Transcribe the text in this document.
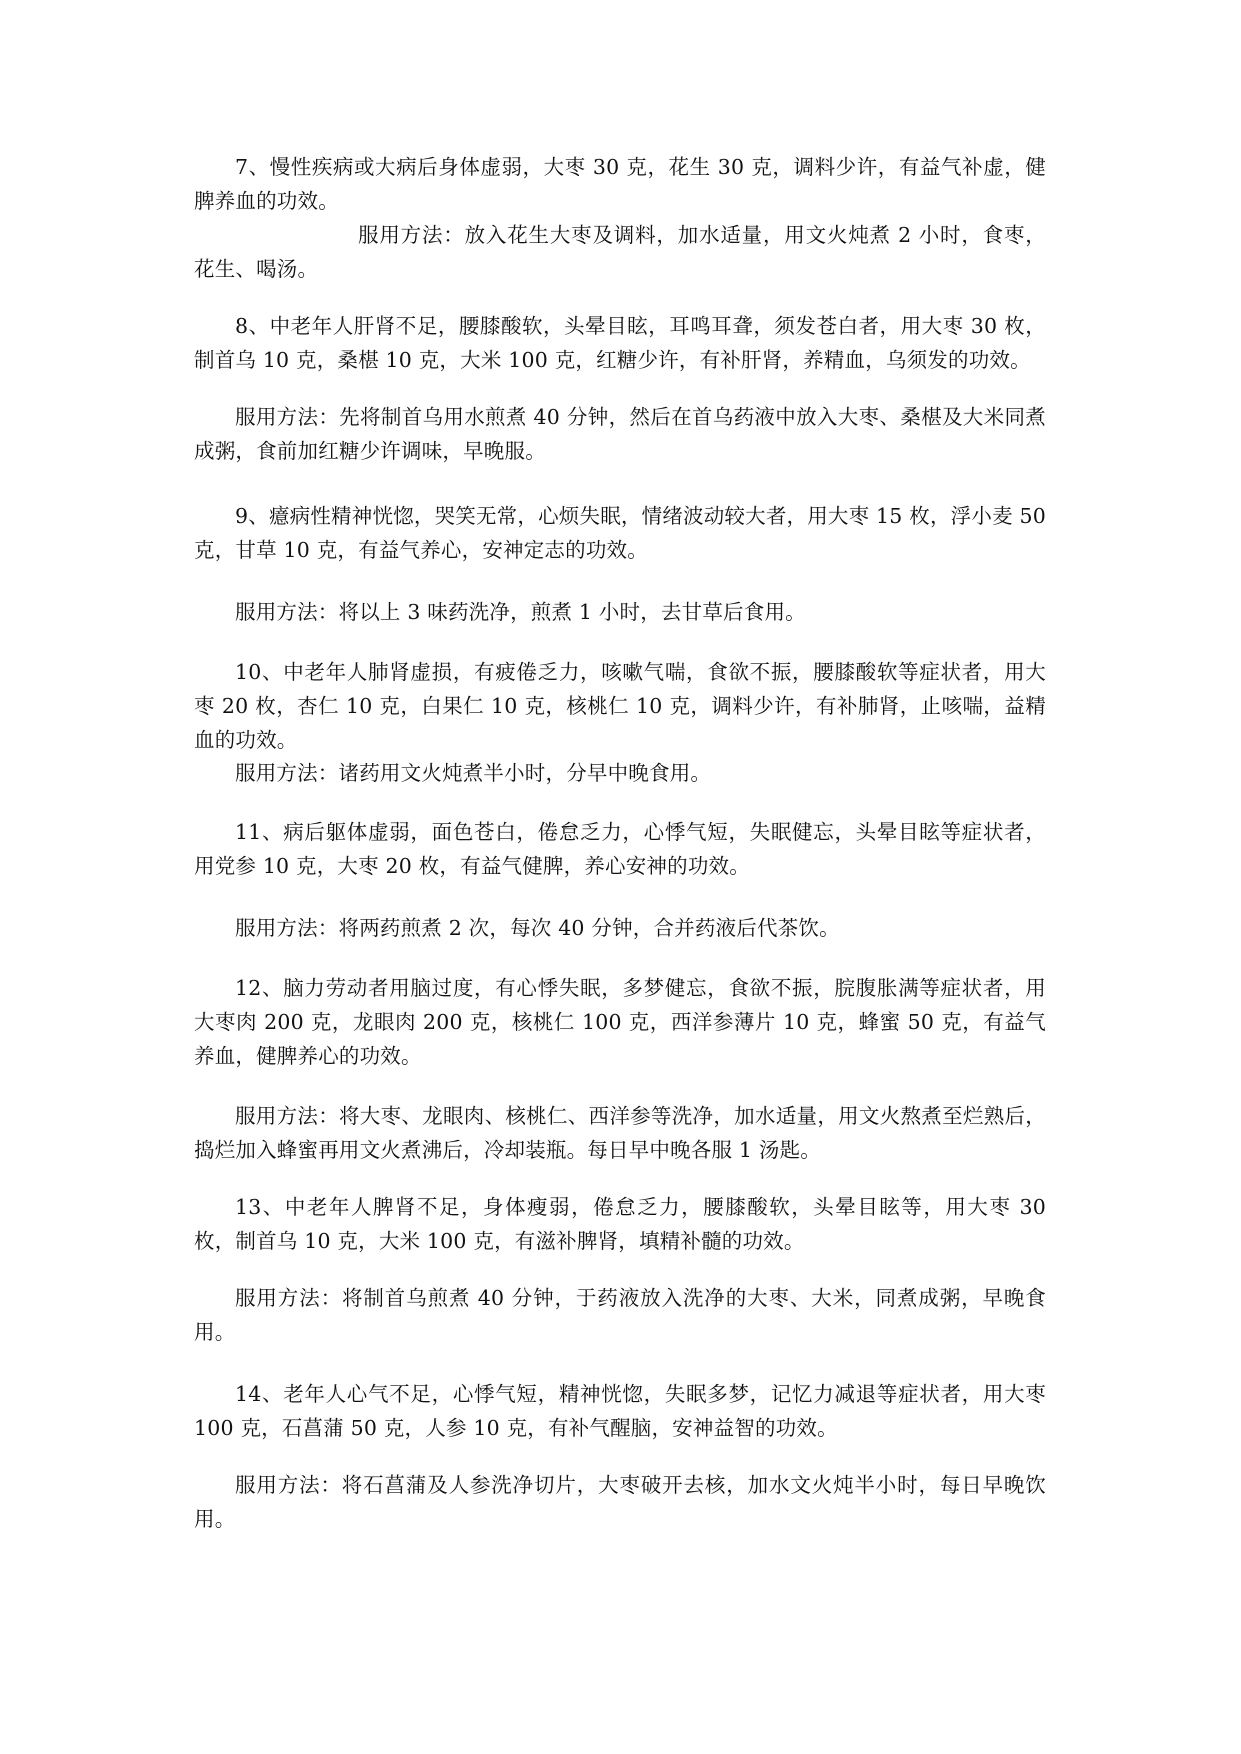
7、慢性疾病或大病后身体虚弱，大枣 30 克，花生 30 克，调料少许，有益气补虚，健脾养血的功效。

服用方法：放入花生大枣及调料，加水适量，用文火炖煮 2 小时，食枣，花生、喝汤。

8、中老年人肝肾不足，腰膝酸软，头晕目眩，耳鸣耳聋，须发苍白者，用大枣 30 枚，制首乌 10 克，桑椹 10 克，大米 100 克，红糖少许，有补肝肾，养精血，乌须发的功效。

服用方法：先将制首乌用水煎煮 40 分钟，然后在首乌药液中放入大枣、桑椹及大米同煮成粥，食前加红糖少许调味，早晚服。

9、癔病性精神恍惚，哭笑无常，心烦失眠，情绪波动较大者，用大枣 15 枚，浮小麦 50 克，甘草 10 克，有益气养心，安神定志的功效。

服用方法：将以上 3 味药洗净，煎煮 1 小时，去甘草后食用。

10、中老年人肺肾虚损，有疲倦乏力，咳嗽气喘，食欲不振，腰膝酸软等症状者，用大枣 20 枚，杏仁 10 克，白果仁 10 克，核桃仁 10 克，调料少许，有补肺肾，止咳喘，益精血的功效。

服用方法：诸药用文火炖煮半小时，分早中晚食用。

11、病后躯体虚弱，面色苍白，倦怠乏力，心悸气短，失眠健忘，头晕目眩等症状者，用党参 10 克，大枣 20 枚，有益气健脾，养心安神的功效。

服用方法：将两药煎煮 2 次，每次 40 分钟，合并药液后代茶饮。

12、脑力劳动者用脑过度，有心悸失眠，多梦健忘，食欲不振，脘腹胀满等症状者，用大枣肉 200 克，龙眼肉 200 克，核桃仁 100 克，西洋参薄片 10 克，蜂蜜 50 克，有益气养血，健脾养心的功效。

服用方法：将大枣、龙眼肉、核桃仁、西洋参等洗净，加水适量，用文火熬煮至烂熟后，捣烂加入蜂蜜再用文火煮沸后，冷却装瓶。每日早中晚各服 1 汤匙。

13、中老年人脾肾不足，身体瘦弱，倦怠乏力，腰膝酸软，头晕目眩等，用大枣 30 枚，制首乌 10 克，大米 100 克，有滋补脾肾，填精补髓的功效。

服用方法：将制首乌煎煮 40 分钟，于药液放入洗净的大枣、大米，同煮成粥，早晚食用。

14、老年人心气不足，心悸气短，精神恍惚，失眠多梦，记忆力减退等症状者，用大枣 100 克，石菖蒲 50 克，人参 10 克，有补气醒脑，安神益智的功效。

服用方法：将石菖蒲及人参洗净切片，大枣破开去核，加水文火炖半小时，每日早晚饮用。
